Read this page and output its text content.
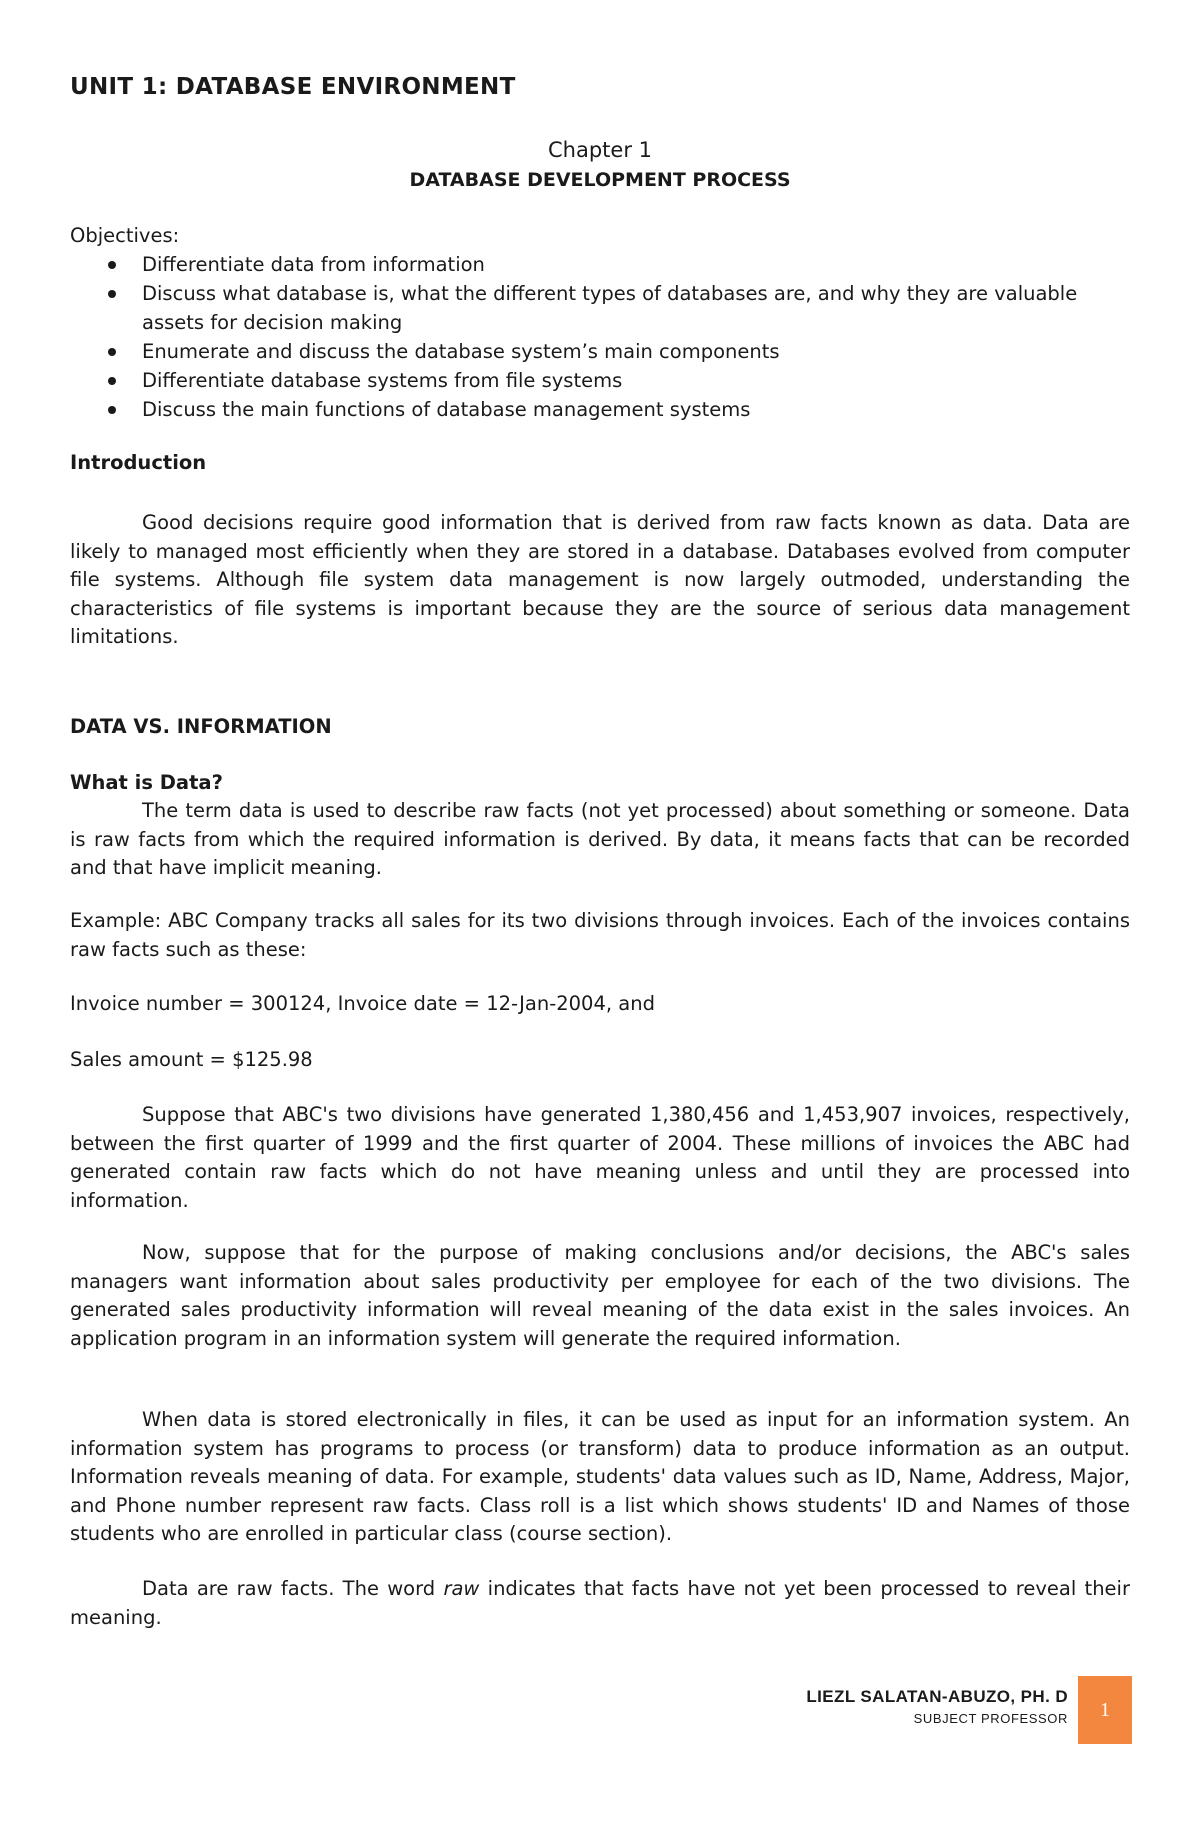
UNIT 1: DATABASE ENVIRONMENT
Chapter 1
DATABASE DEVELOPMENT PROCESS
Objectives:
Differentiate data from information
Discuss what database is, what the different types of databases are, and why they are valuable assets for decision making
Enumerate and discuss the database system’s main components
Differentiate database systems from file systems
Discuss the main functions of database management systems
Introduction

Good decisions require good information that is derived from raw facts known as data. Data are likely to managed most efficiently when they are stored in a database. Databases evolved from computer file systems. Although file system data management is now largely outmoded, understanding the characteristics of file systems is important because they are the source of serious data management limitations.

DATA VS. INFORMATION
What is Data?

The term data is used to describe raw facts (not yet processed) about something or someone. Data is raw facts from which the required information is derived. By data, it means facts that can be recorded and that have implicit meaning.

Example: ABC Company tracks all sales for its two divisions through invoices. Each of the invoices contains raw facts such as these:

Invoice number = 300124, Invoice date = 12-Jan-2004, and

Sales amount = $125.98

Suppose that ABC's two divisions have generated 1,380,456 and 1,453,907 invoices, respectively, between the first quarter of 1999 and the first quarter of 2004. These millions of invoices the ABC had generated contain raw facts which do not have meaning unless and until they are processed into information.

Now, suppose that for the purpose of making conclusions and/or decisions, the ABC's sales managers want information about sales productivity per employee for each of the two divisions. The generated sales productivity information will reveal meaning of the data exist in the sales invoices. An application program in an information system will generate the required information.

When data is stored electronically in files, it can be used as input for an information system. An information system has programs to process (or transform) data to produce information as an output. Information reveals meaning of data. For example, students' data values such as ID, Name, Address, Major, and Phone number represent raw facts. Class roll is a list which shows students' ID and Names of those students who are enrolled in particular class (course section).

Data are raw facts. The word raw indicates that facts have not yet been processed to reveal their meaning.

LIEZL SALATAN-ABUZO, PH. D
SUBJECT PROFESSOR	1
